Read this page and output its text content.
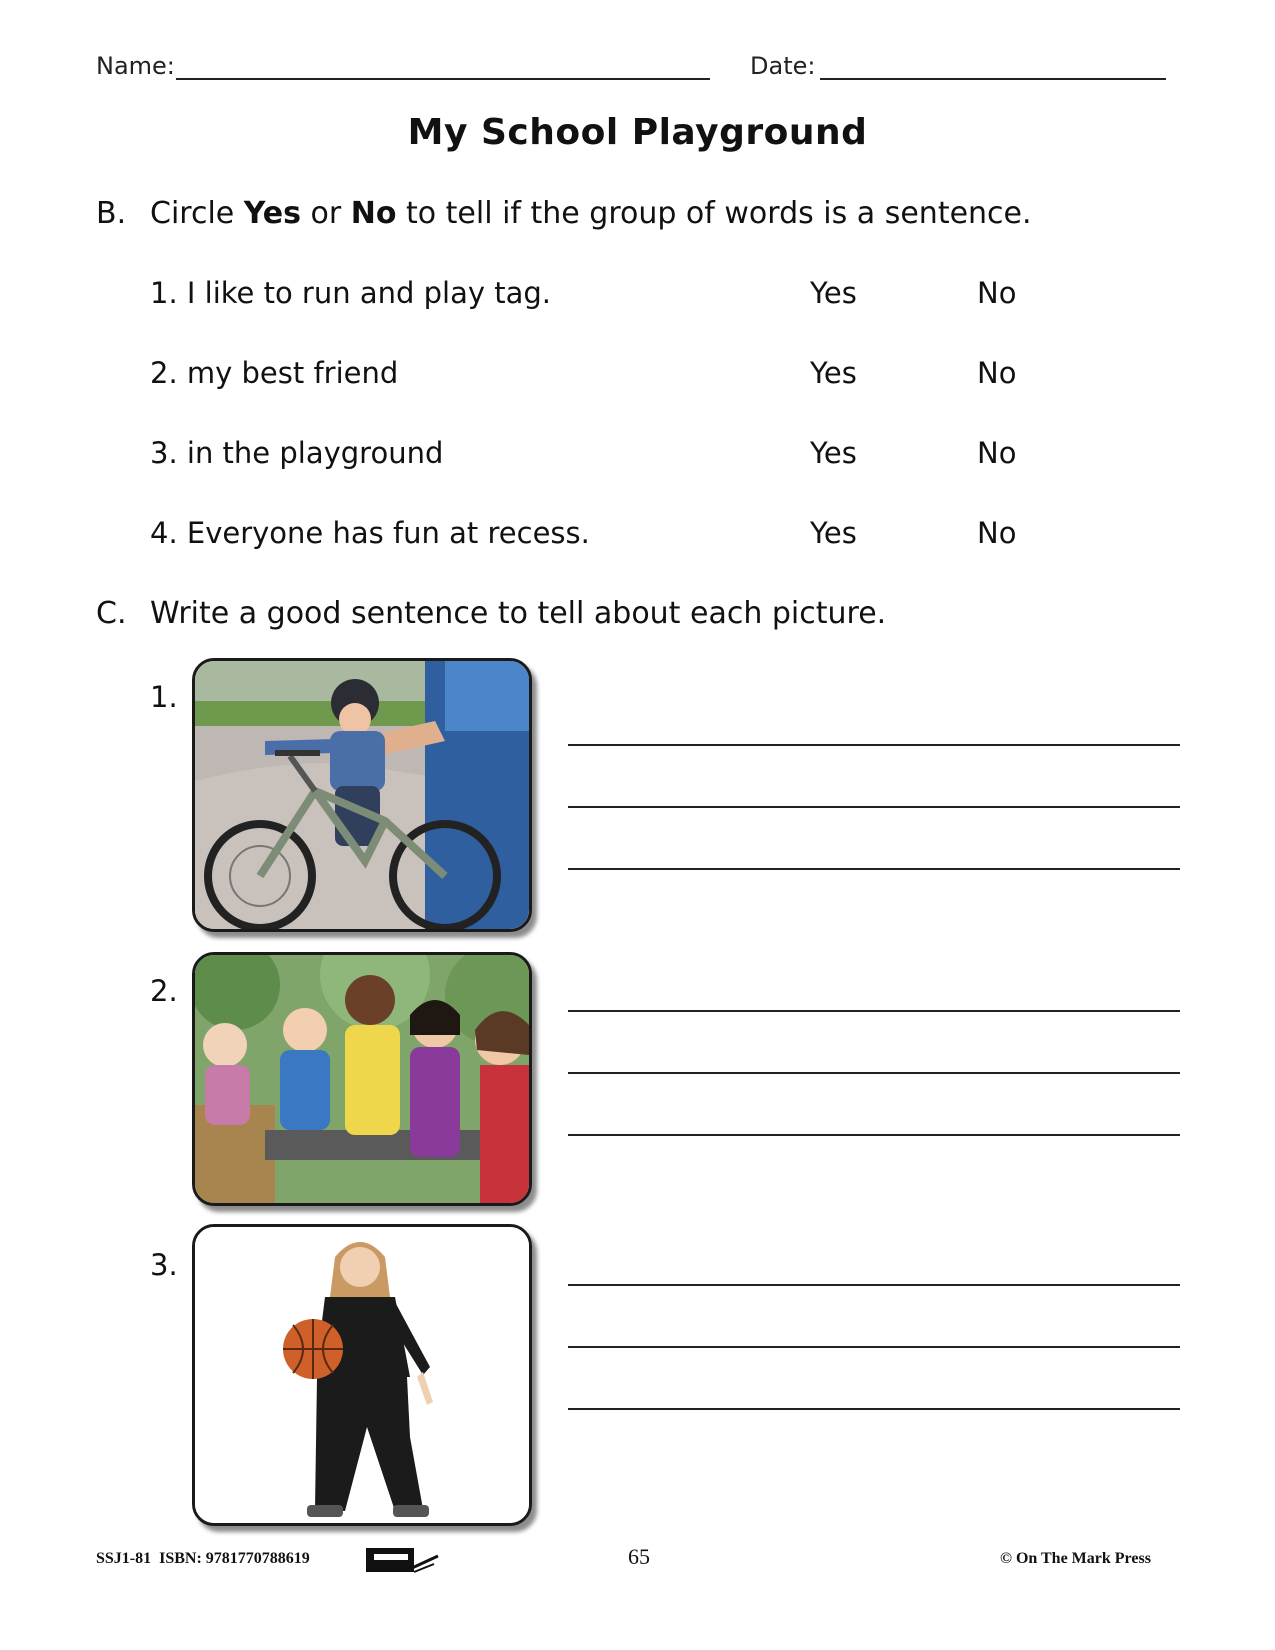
Name:	Date:
My School Playground
B. Circle Yes or No to tell if the group of words is a sentence.
1. I like to run and play tag.	Yes	No
2. my best friend	Yes	No
3. in the playground	Yes	No
4. Everyone has fun at recess.	Yes	No
C. Write a good sentence to tell about each picture.
1.
2.
3.
SSJ1-81  ISBN: 9781770788619	65	© On The Mark Press
